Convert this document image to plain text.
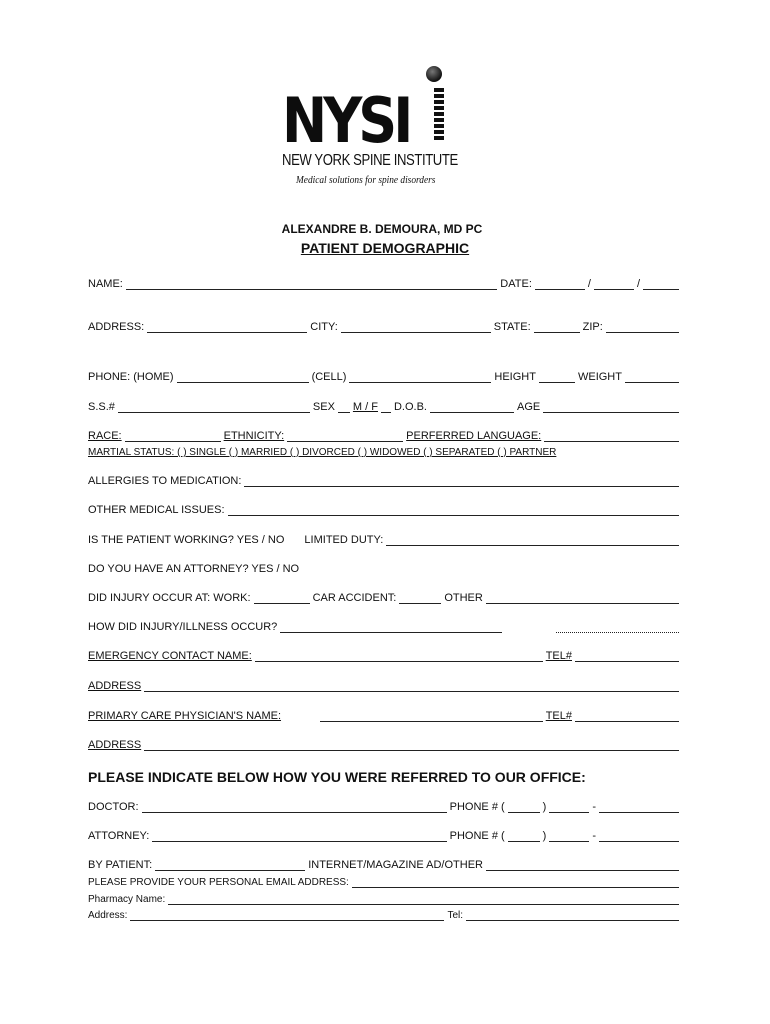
NYSI
NEW YORK SPINE INSTITUTE
Medical solutions for spine disorders
ALEXANDRE B. DEMOURA, MD PC
PATIENT DEMOGRAPHIC
NAME:	DATE:	/	/
ADDRESS:	CITY:	STATE:	ZIP:
PHONE: (HOME)	(CELL)	HEIGHT	WEIGHT
S.S.#	SEX M / F D.O.B.	AGE
RACE:	ETHNICITY:	PERFERRED LANGUAGE:
MARTIAL STATUS: ( ) SINGLE ( ) MARRIED ( ) DIVORCED ( ) WIDOWED ( ) SEPARATED ( ) PARTNER
ALLERGIES TO MEDICATION:
OTHER MEDICAL ISSUES:
IS THE PATIENT WORKING? YES / NO LIMITED DUTY:
DO YOU HAVE AN ATTORNEY? YES / NO
DID INJURY OCCUR AT: WORK:	CAR ACCIDENT:	OTHER
HOW DID INJURY/ILLNESS OCCUR?
EMERGENCY CONTACT NAME:	TEL#
ADDRESS
PRIMARY CARE PHYSICIAN'S NAME:	TEL#
ADDRESS
PLEASE INDICATE BELOW HOW YOU WERE REFERRED TO OUR OFFICE:
DOCTOR:	PHONE # (	)	-
ATTORNEY:	PHONE # (	)	-
BY PATIENT:	INTERNET/MAGAZINE AD/OTHER
PLEASE PROVIDE YOUR PERSONAL EMAIL ADDRESS:
Pharmacy Name:
Address:	Tel:
